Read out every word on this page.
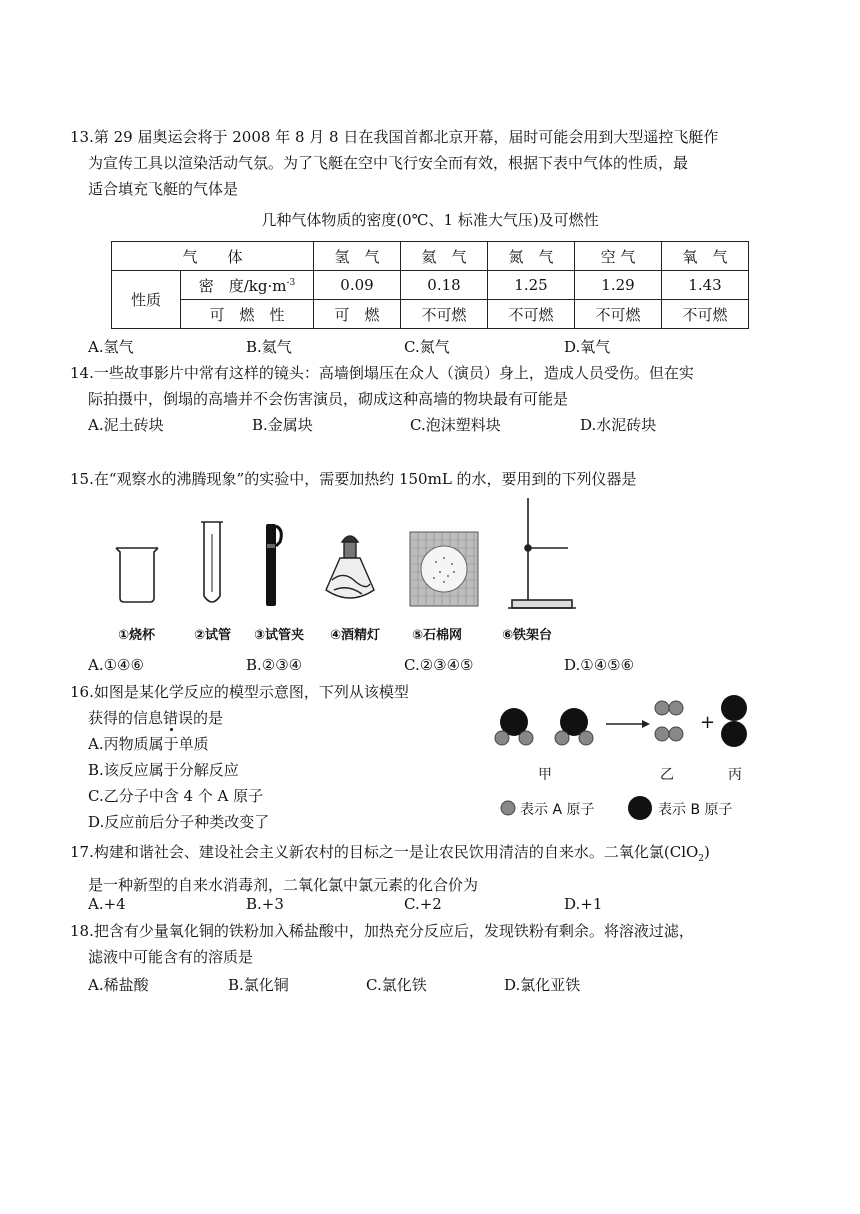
13.第 29 届奥运会将于 2008 年 8 月 8 日在我国首都北京开幕，届时可能会用到大型遥控飞艇作
为宣传工具以渲染活动气氛。为了飞艇在空中飞行安全而有效，根据下表中气体的性质，最
适合填充飞艇的气体是
几种气体物质的密度(0℃、1 标准大气压)及可燃性
气　　体		氢　气	氦　气	氮　气	空 气	氧　气
性质	密　度$/kg\cdot m^{-3}$	0.09	0.18	1.25	1.29	1.43
	可　燃　性	可　燃	不可燃	不可燃	不可燃	不可燃
A.氢气	B.氦气	C.氮气	D.氧气
14.一些故事影片中常有这样的镜头：高墙倒塌压在众人（演员）身上，造成人员受伤。但在实
际拍摄中，倒塌的高墙并不会伤害演员，砌成这种高墙的物块最有可能是
A.泥土砖块	B.金属块	C.泡沫塑料块	D.水泥砖块
15.在“观察水的沸腾现象”的实验中，需要加热约 150mL 的水，要用到的下列仪器是
①烧杯	②试管 ③试管夹 ④酒精灯 ⑤石棉网	⑥铁架台
A.①④⑥	B.②③④	C.②③④⑤	D.①④⑤⑥
16.如图是某化学反应的模型示意图，下列从该模型
获得的信息错误的是
A.丙物质属于单质
B.该反应属于分解反应
C.乙分子中含 4 个 A 原子
D.反应前后分子种类改变了
+
甲	乙	丙
表示 A 原子	表示 B 原子
17.构建和谐社会、建设社会主义新农村的目标之一是让农民饮用清洁的自来水。二氧化氯(ClO$_2$)
是一种新型的自来水消毒剂，二氧化氯中氯元素的化合价为
A.+4	B.+3	C.+2	D.+1
18.把含有少量氧化铜的铁粉加入稀盐酸中，加热充分反应后，发现铁粉有剩余。将溶液过滤，
滤液中可能含有的溶质是
A.稀盐酸	B.氯化铜	C.氯化铁	D.氯化亚铁
